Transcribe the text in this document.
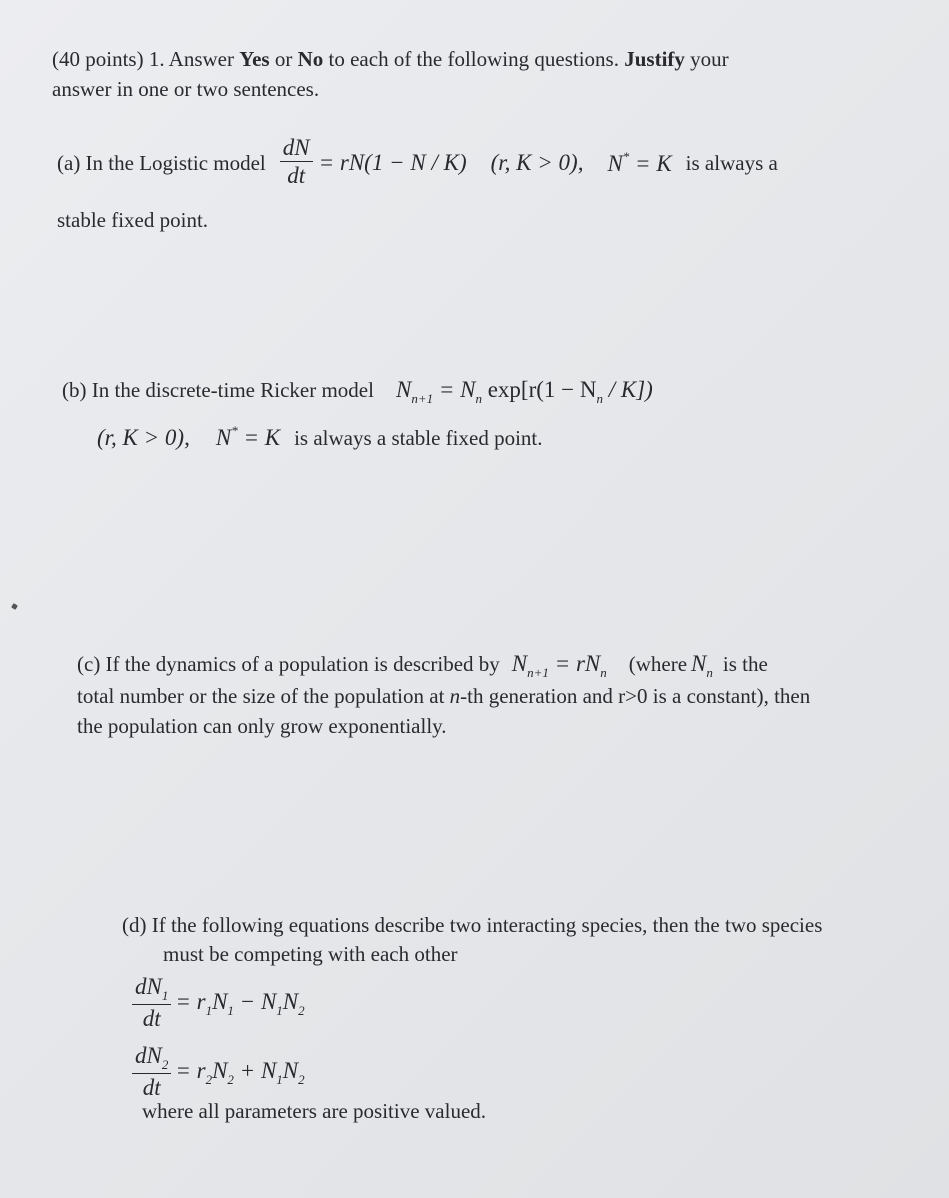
(40 points) 1. Answer Yes or No to each of the following questions. Justify your
answer in one or two sentences.
(a) In the Logistic model $\frac{dN}{dt} = rN(1 - N / K)$ (r, K > 0), N* = K is always a
stable fixed point.
(b) In the discrete-time Ricker model $N_{n+1} = N_n$ $\exp[r(1 - N_n / K])$
(r, K > 0), N* = K is always a stable fixed point.
(c) If the dynamics of a population is described by $N_{n+1} = rN_n$ (where $N_n$ is the
total number or the size of the population at n-th generation and r>0 is a constant), then
the population can only grow exponentially.
(d) If the following equations describe two interacting species, then the two species
must be competing with each other
$\frac{dN_1}{dt} = r_1N_1 - N_1N_2$
$\frac{dN_2}{dt} = r_2N_2 + N_1N_2$
where all parameters are positive valued.
